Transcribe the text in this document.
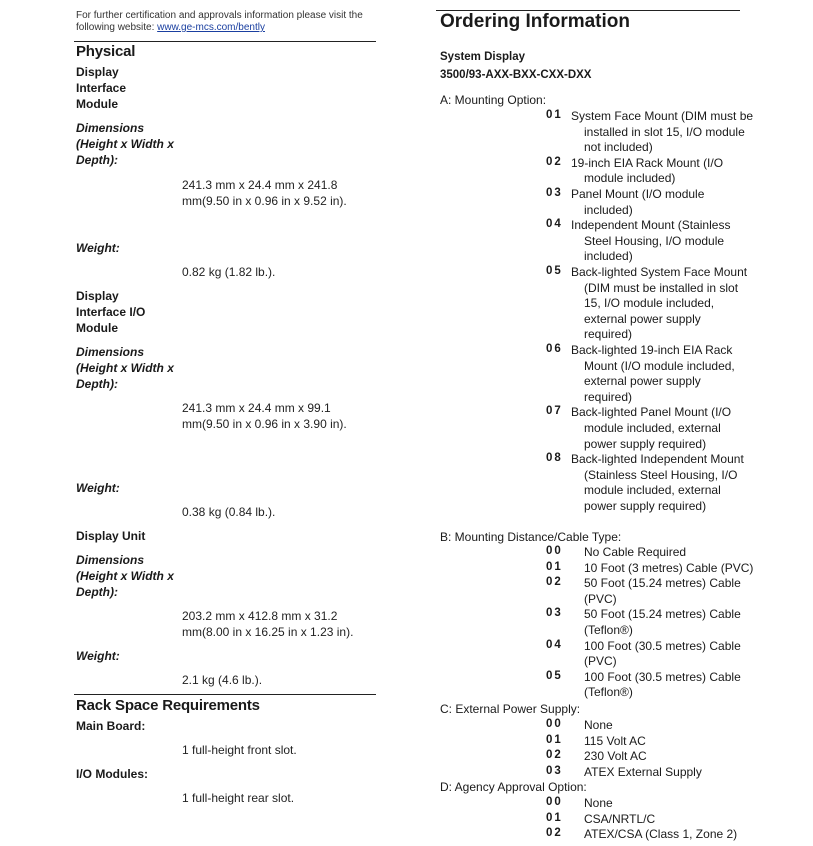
For further certification and approvals information please visit the following website: www.ge-mcs.com/bently
Physical
Display Interface Module
Dimensions (Height x Width x Depth):
241.3 mm x 24.4 mm x 241.8 mm(9.50 in x 0.96 in x 9.52 in).
Weight:
0.82 kg (1.82 lb.).
Display Interface I/O Module
Dimensions (Height x Width x Depth):
241.3 mm x 24.4 mm x 99.1 mm(9.50 in x 0.96 in x 3.90 in).
Weight:
0.38 kg (0.84 lb.).
Display Unit
Dimensions (Height x Width x Depth):
203.2 mm x 412.8 mm x 31.2 mm(8.00 in x 16.25 in x 1.23 in).
Weight:
2.1 kg (4.6 lb.).
Rack Space Requirements
Main Board:
1 full-height front slot.
I/O Modules:
1 full-height rear slot.
Ordering Information
System Display
3500/93-AXX-BXX-CXX-DXX
A: Mounting Option:
01 System Face Mount (DIM must be
installed in slot 15, I/O module
not included)
02 19-inch EIA Rack Mount (I/O
module included)
03 Panel Mount (I/O module
included)
04 Independent Mount (Stainless
Steel Housing, I/O module
included)
05 Back-lighted System Face Mount
(DIM must be installed in slot
15, I/O module included,
external power supply
required)
06 Back-lighted 19-inch EIA Rack
Mount (I/O module included,
external power supply
required)
07 Back-lighted Panel Mount (I/O
module included, external
power supply required)
08 Back-lighted Independent Mount
(Stainless Steel Housing, I/O
module included, external
power supply required)
B: Mounting Distance/Cable Type:
00 No Cable Required
01 10 Foot (3 metres) Cable (PVC)
02 50 Foot (15.24 metres) Cable
(PVC)
03 50 Foot (15.24 metres) Cable
(Teflon®)
04 100 Foot (30.5 metres) Cable
(PVC)
05 100 Foot (30.5 metres) Cable
(Teflon®)
C: External Power Supply:
00 None
01 115 Volt AC
02 230 Volt AC
03 ATEX External Supply
D: Agency Approval Option:
00 None
01 CSA/NRTL/C
02 ATEX/CSA (Class 1, Zone 2)
